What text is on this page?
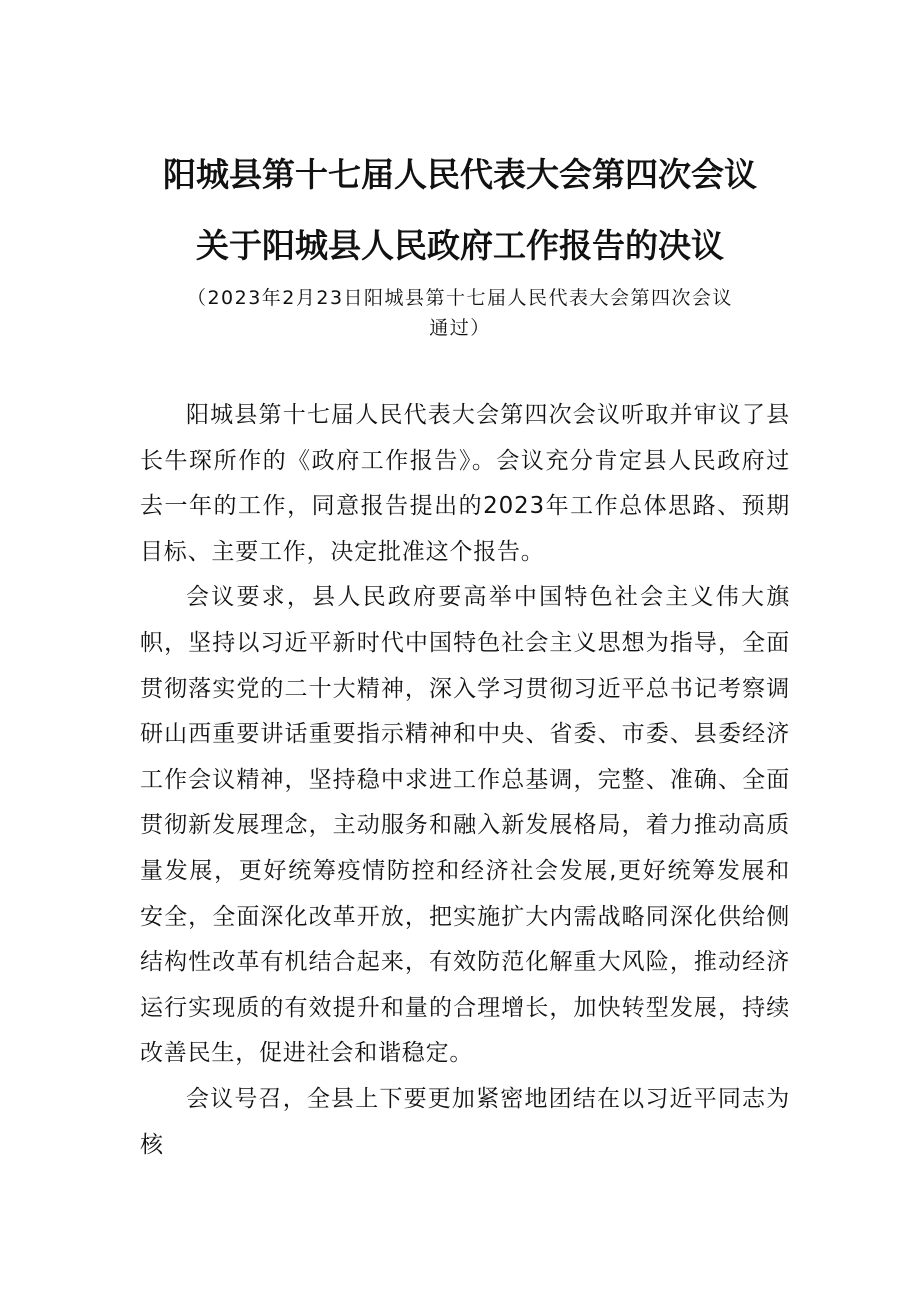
阳城县第十七届人民代表大会第四次会议
关于阳城县人民政府工作报告的决议
（2023年2月23日阳城县第十七届人民代表大会第四次会议
通过）

阳城县第十七届人民代表大会第四次会议听取并审议了县长牛琛所作的《政府工作报告》。会议充分肯定县人民政府过去一年的工作，同意报告提出的2023年工作总体思路、预期目标、主要工作，决定批准这个报告。

会议要求，县人民政府要高举中国特色社会主义伟大旗帜，坚持以习近平新时代中国特色社会主义思想为指导，全面贯彻落实党的二十大精神，深入学习贯彻习近平总书记考察调研山西重要讲话重要指示精神和中央、省委、市委、县委经济工作会议精神，坚持稳中求进工作总基调，完整、准确、全面贯彻新发展理念，主动服务和融入新发展格局，着力推动高质量发展，更好统筹疫情防控和经济社会发展,更好统筹发展和安全，全面深化改革开放，把实施扩大内需战略同深化供给侧结构性改革有机结合起来，有效防范化解重大风险，推动经济运行实现质的有效提升和量的合理增长，加快转型发展，持续改善民生，促进社会和谐稳定。

会议号召，全县上下要更加紧密地团结在以习近平同志为核
